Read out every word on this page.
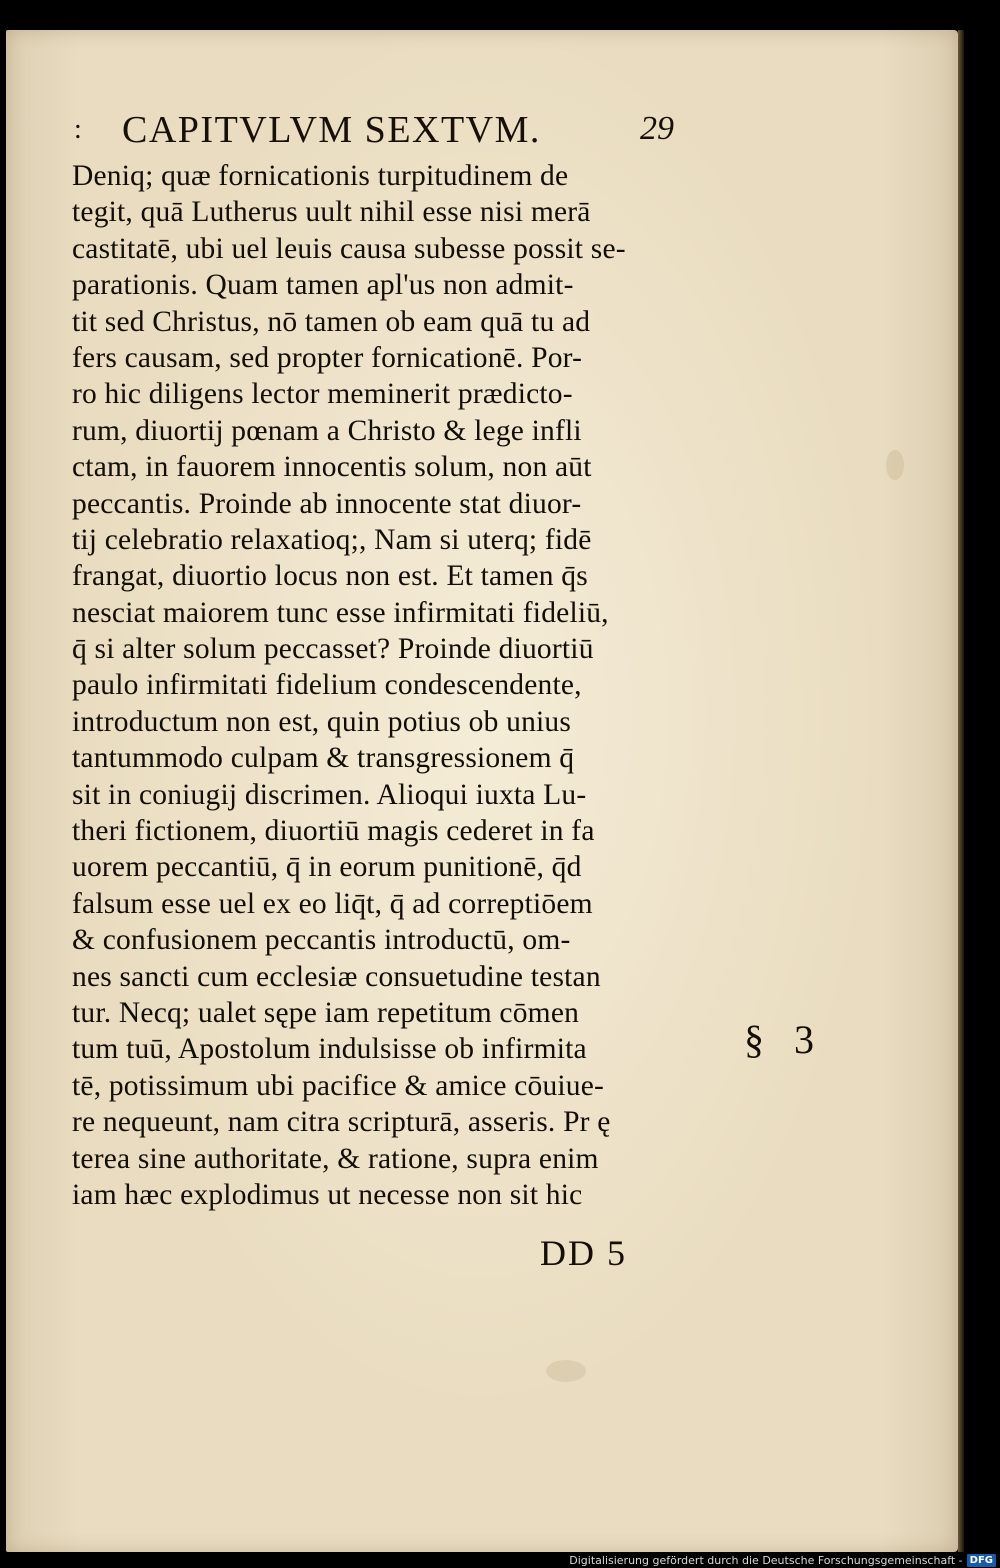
: CAPITVLVM SEXTVM.	29
Deniq; quæ fornicationis turpitudinem de
tegit, quā Lutherus uult nihil esse nisi merā
castitatē, ubi uel leuis causa subesse possit se-
parationis. Quam tamen apl'us non admit-
tit sed Christus, nō tamen ob eam quā tu ad
fers causam, sed propter fornicationē. Por-
ro hic diligens lector meminerit prædicto-
rum, diuortij pœnam a Christo & lege infli
ctam, in fauorem innocentis solum, non aūt
peccantis. Proinde ab innocente stat diuor-
tij celebratio relaxatioq;, Nam si uterq; fidē
frangat, diuortio locus non est. Et tamen q̄s
nesciat maiorem tunc esse infirmitati fideliū,
q̄ si alter solum peccasset? Proinde diuortiū
paulo infirmitati fidelium condescendente,
introductum non est, quin potius ob unius
tantummodo culpam & transgressionem q̄
sit in coniugij discrimen. Alioqui iuxta Lu-
theri fictionem, diuortiū magis cederet in fa
uorem peccantiū, q̄ in eorum punitionē, q̄d
falsum esse uel ex eo liq̄t, q̄ ad correptiōem
& confusionem peccantis introductū, om-
nes sancti cum ecclesiæ consuetudine testan
tur. Necq; ualet sępe iam repetitum cōmen
tum tuū, Apostolum indulsisse ob infirmita
tē, potissimum ubi pacifice & amice cōuiue-
re nequeunt, nam citra scripturā, asseris. Pr ę
terea sine authoritate, & ratione, supra enim
iam hæc explodimus ut necesse non sit hic
§ 3
DD 5
Digitalisierung gefördert durch die Deutsche Forschungsgemeinschaft - DFG
